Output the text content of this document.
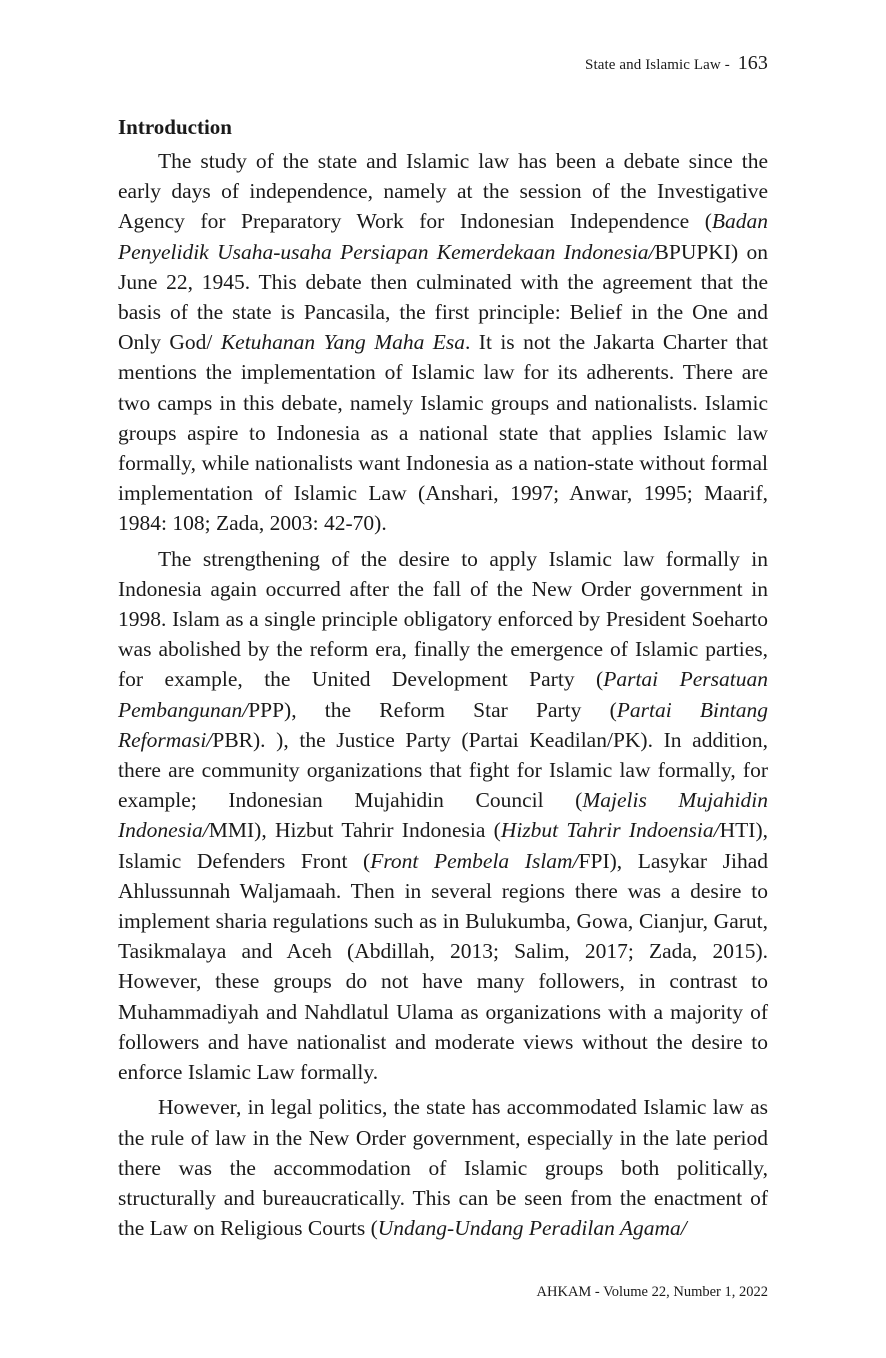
State and Islamic Law - 163
Introduction

The study of the state and Islamic law has been a debate since the early days of independence, namely at the session of the Investigative Agency for Preparatory Work for Indonesian Independence (Badan Penyelidik Usaha-usaha Persiapan Kemerdekaan Indonesia/BPUPKI) on June 22, 1945. This debate then culminated with the agreement that the basis of the state is Pancasila, the first principle: Belief in the One and Only God/ Ketuhanan Yang Maha Esa. It is not the Jakarta Charter that mentions the implementation of Islamic law for its adherents. There are two camps in this debate, namely Islamic groups and nationalists. Islamic groups aspire to Indonesia as a national state that applies Islamic law formally, while nationalists want Indonesia as a nation-state without formal implementation of Islamic Law (Anshari, 1997; Anwar, 1995; Maarif, 1984: 108; Zada, 2003: 42-70).

The strengthening of the desire to apply Islamic law formally in Indonesia again occurred after the fall of the New Order government in 1998. Islam as a single principle obligatory enforced by President Soeharto was abolished by the reform era, finally the emergence of Islamic parties, for example, the United Development Party (Partai Persatuan Pembangunan/PPP), the Reform Star Party (Partai Bintang Reformasi/PBR). ), the Justice Party (Partai Keadilan/PK). In addition, there are community organizations that fight for Islamic law formally, for example; Indonesian Mujahidin Council (Majelis Mujahidin Indonesia/MMI), Hizbut Tahrir Indonesia (Hizbut Tahrir Indoensia/HTI), Islamic Defenders Front (Front Pembela Islam/FPI), Lasykar Jihad Ahlussunnah Waljamaah. Then in several regions there was a desire to implement sharia regulations such as in Bulukumba, Gowa, Cianjur, Garut, Tasikmalaya and Aceh (Abdillah, 2013; Salim, 2017; Zada, 2015). However, these groups do not have many followers, in contrast to Muhammadiyah and Nahdlatul Ulama as organizations with a majority of followers and have nationalist and moderate views without the desire to enforce Islamic Law formally.

However, in legal politics, the state has accommodated Islamic law as the rule of law in the New Order government, especially in the late period there was the accommodation of Islamic groups both politically, structurally and bureaucratically. This can be seen from the enactment of the Law on Religious Courts (Undang-Undang Peradilan Agama/

AHKAM - Volume 22, Number 1, 2022
